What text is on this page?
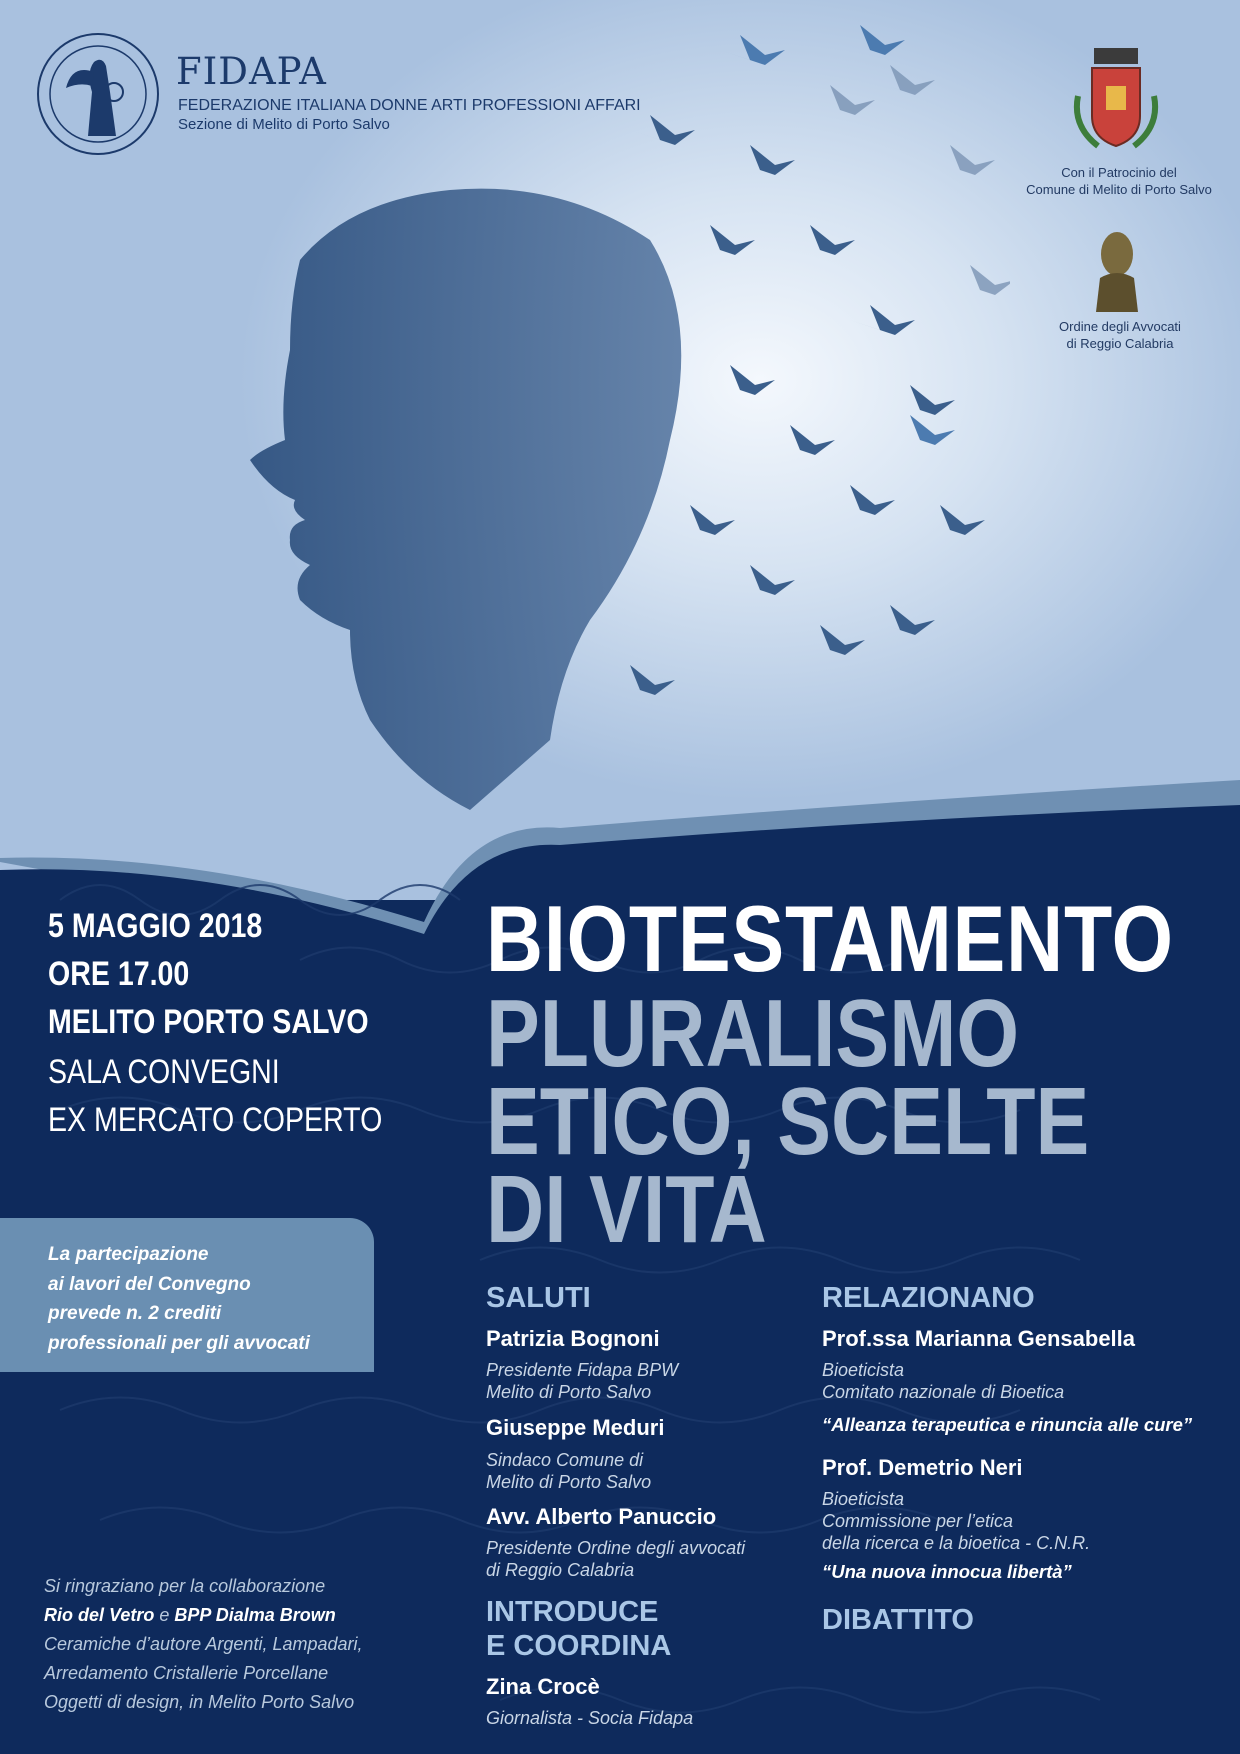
FIDAPA

FEDERAZIONE ITALIANA DONNE ARTI PROFESSIONI AFFARI

Sezione di Melito di Porto Salvo

Con il Patrocinio del
Comune di Melito di Porto Salvo

Ordine degli Avvocati
di Reggio Calabria

5 MAGGIO 2018

ORE 17.00

MELITO PORTO SALVO

SALA CONVEGNI

EX MERCATO COPERTO

BIOTESTAMENTO

PLURALISMO

ETICO, SCELTE

DI VITA

La partecipazione
ai lavori del Convegno
prevede n. 2 crediti
professionali per gli avvocati

SALUTI

Patrizia Bognoni

Presidente Fidapa BPW
Melito di Porto Salvo

Giuseppe Meduri

Sindaco Comune di
Melito di Porto Salvo

Avv. Alberto Panuccio

Presidente Ordine degli avvocati
di Reggio Calabria

INTRODUCE
E COORDINA

Zina Crocè

Giornalista - Socia Fidapa

RELAZIONANO

Prof.ssa Marianna Gensabella

Bioeticista
Comitato nazionale di Bioetica

“Alleanza terapeutica e rinuncia alle cure”

Prof. Demetrio Neri

Bioeticista
Commissione per l’etica
della ricerca e la bioetica - C.N.R.

“Una nuova innocua libertà”

DIBATTITO

Si ringraziano per la collaborazione
Rio del Vetro e BPP Dialma Brown
Ceramiche d’autore Argenti, Lampadari,
Arredamento Cristallerie Porcellane
Oggetti di design, in Melito Porto Salvo
